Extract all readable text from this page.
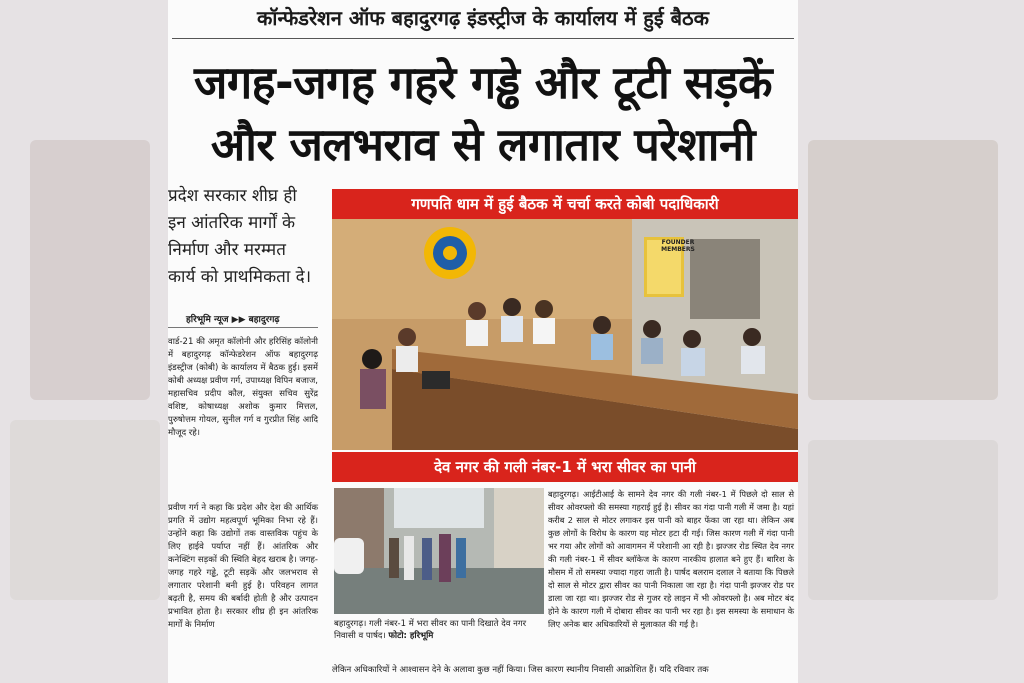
कॉन्फेडरेशन ऑफ बहादुरगढ़ इंडस्ट्रीज के कार्यालय में हुई बैठक
जगह-जगह गहरे गड्ढे और टूटी सड़कें
और जलभराव से लगातार परेशानी
प्रदेश सरकार शीघ्र ही इन आंतरिक मार्गों के निर्माण और मरम्मत कार्य को प्राथमिकता दे।
हरिभूमि न्यूज ▶▶ बहादुरगढ़
वार्ड-21 की अमृत कॉलोनी और हरिसिंह कॉलोनी में बहादुरगढ़ कॉन्फेडरेशन ऑफ बहादुरगढ़ इंडस्ट्रीज (कोबी) के कार्यालय में बैठक हुई। इसमें कोबी अध्यक्ष प्रवीण गर्ग, उपाध्यक्ष विपिन बजाज, महासचिव प्रदीप कौल, संयुक्त सचिव सुरेंद्र वशिष्ट, कोषाध्यक्ष अशोक कुमार मित्तल, पुरुषोत्तम गोयल, सुनील गर्ग व गुरप्रीत सिंह आदि मौजूद रहे।
प्रवीण गर्ग ने कहा कि प्रदेश और देश की आर्थिक प्रगति में उद्योग महत्वपूर्ण भूमिका निभा रहे हैं। उन्होंने कहा कि उद्योगों तक वास्तविक पहुंच के लिए हाईवे पर्याप्त नहीं हैं। आंतरिक और कनेक्टिंग सड़कों की स्थिति बेहद खराब है। जगह-जगह गहरे गड्ढे, टूटी सड़कें और जलभराव से लगातार परेशानी बनी हुई है। परिवहन लागत बढ़ती है, समय की बर्बादी होती है और उत्पादन प्रभावित होता है। सरकार शीघ्र ही इन आंतरिक मार्गों के निर्माण
गणपति धाम में हुई बैठक में चर्चा करते कोबी पदाधिकारी
FOUNDER MEMBERS
देव नगर की गली नंबर-1 में भरा सीवर का पानी
बहादुरगढ़। गली नंबर-1 में भरा सीवर का पानी दिखाते देव नगर निवासी व पार्षद। फोटो: हरिभूमि
बहादुरगढ़। आईटीआई के सामने देव नगर की गली नंबर-1 में पिछले दो साल से सीवर ओवरफ्लो की समस्या गहराई हुई है। सीवर का गंदा पानी गली में जमा है। यहां करीब 2 साल से मोटर लगाकर इस पानी को बाहर फेंका जा रहा था। लेकिन अब कुछ लोगों के विरोध के कारण यह मोटर हटा दी गई। जिस कारण गली में गंदा पानी भर गया और लोगों को आवागमन में परेशानी आ रही है। झज्जर रोड स्थित देव नगर की गली नंबर-1 में सीवर ब्लॉकेज के कारण नारकीय हालात बने हुए हैं। बारिश के मौसम में तो समस्या ज्यादा गहरा जाती है। पार्षद बलराम दलाल ने बताया कि पिछले दो साल से मोटर द्वारा सीवर का पानी निकाला जा रहा है। गंदा पानी झज्जर रोड पर डाला जा रहा था। झज्जर रोड से गुजर रहे लाइन में भी ओवरफ्लो है। अब मोटर बंद होने के कारण गली में दोबारा सीवर का पानी भर रहा है। इस समस्या के समाधान के लिए अनेक बार अधिकारियों से मुलाकात की गई है।
लेकिन अधिकारियों ने आश्वासन देने के अलावा कुछ नहीं किया। जिस कारण स्थानीय निवासी आक्रोशित हैं। यदि रविवार तक
